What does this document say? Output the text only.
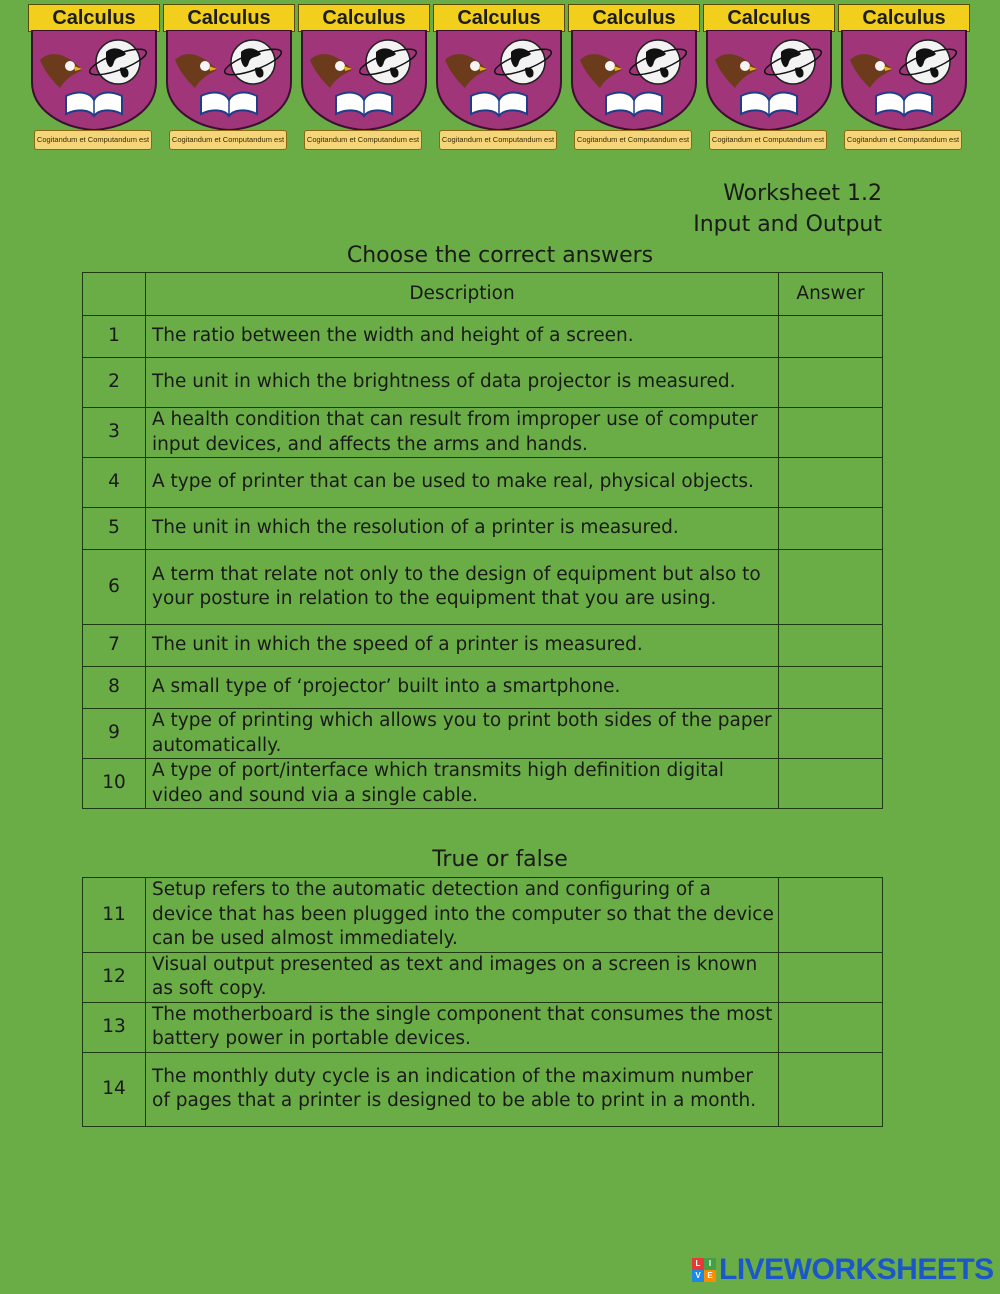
Calculus
Cogitandum et Computandum est
Calculus
Cogitandum et Computandum est
Calculus
Cogitandum et Computandum est
Calculus
Cogitandum et Computandum est
Calculus
Cogitandum et Computandum est
Calculus
Cogitandum et Computandum est
Calculus
Cogitandum et Computandum est
Worksheet 1.2
Input and Output
Choose the correct answers
	Description	Answer
1	The ratio between the width and height of a screen.	
2	The unit in which the brightness of data projector is measured.	
3	A health condition that can result from improper use of computer input devices, and affects the arms and hands.	
4	A type of printer that can be used to make real, physical objects.	
5	The unit in which the resolution of a printer is measured.	
6	A term that relate not only to the design of equipment but also to your posture in relation to the equipment that you are using.	
7	The unit in which the speed of a printer is measured.	
8	A small type of ‘projector’ built into a smartphone.	
9	A type of printing which allows you to print both sides of the paper automatically.	
10	A type of port/interface which transmits high definition digital video and sound via a single cable.	
True or false
11	Setup refers to the automatic detection and configuring of a device that has been plugged into the computer so that the device can be used almost immediately.	
12	Visual output presented as text and images on a screen is known as soft copy.	
13	The motherboard is the single component that consumes the most battery power in portable devices.	
14	The monthly duty cycle is an indication of the maximum number of pages that a printer is designed to be able to print in a month.	
L	I
V E LIVEWORKSHEETS
